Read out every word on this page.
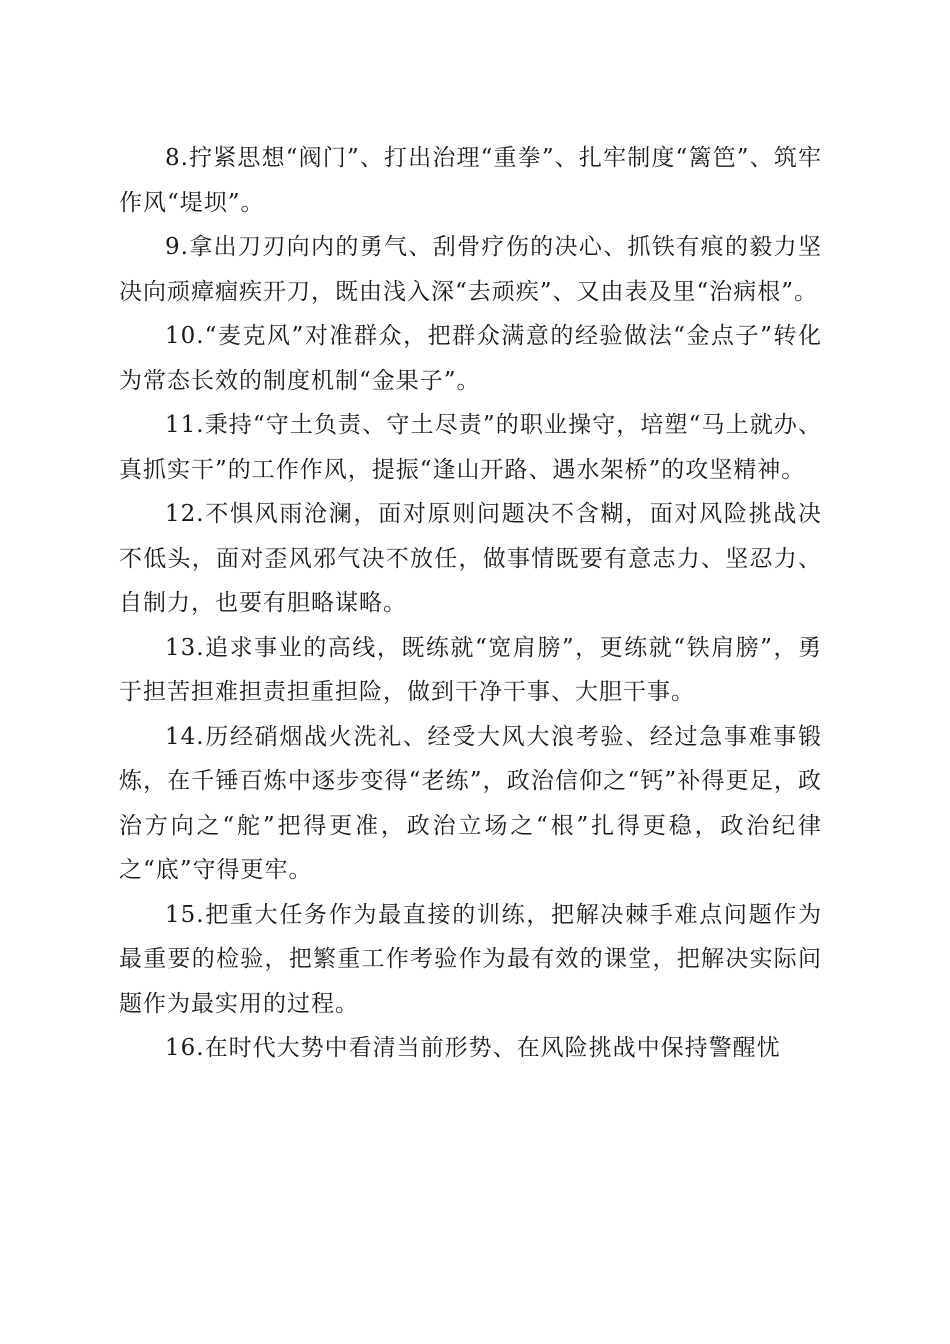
8.拧紧思想“阀门”、打出治理“重拳”、扎牢制度“篱笆”、筑牢作风“堤坝”。

9.拿出刀刃向内的勇气、刮骨疗伤的决心、抓铁有痕的毅力坚决向顽瘴痼疾开刀，既由浅入深“去顽疾”、又由表及里“治病根”。

10.“麦克风”对准群众，把群众满意的经验做法“金点子”转化为常态长效的制度机制“金果子”。

11.秉持“守土负责、守土尽责”的职业操守，培塑“马上就办、真抓实干”的工作作风，提振“逢山开路、遇水架桥”的攻坚精神。

12.不惧风雨沧澜，面对原则问题决不含糊，面对风险挑战决不低头，面对歪风邪气决不放任，做事情既要有意志力、坚忍力、自制力，也要有胆略谋略。

13.追求事业的高线，既练就“宽肩膀”，更练就“铁肩膀”，勇于担苦担难担责担重担险，做到干净干事、大胆干事。

14.历经硝烟战火洗礼、经受大风大浪考验、经过急事难事锻炼，在千锤百炼中逐步变得“老练”，政治信仰之“钙”补得更足，政治方向之“舵”把得更准，政治立场之“根”扎得更稳，政治纪律之“底”守得更牢。

15.把重大任务作为最直接的训练，把解决棘手难点问题作为最重要的检验，把繁重工作考验作为最有效的课堂，把解决实际问题作为最实用的过程。

16.在时代大势中看清当前形势、在风险挑战中保持警醒忧
